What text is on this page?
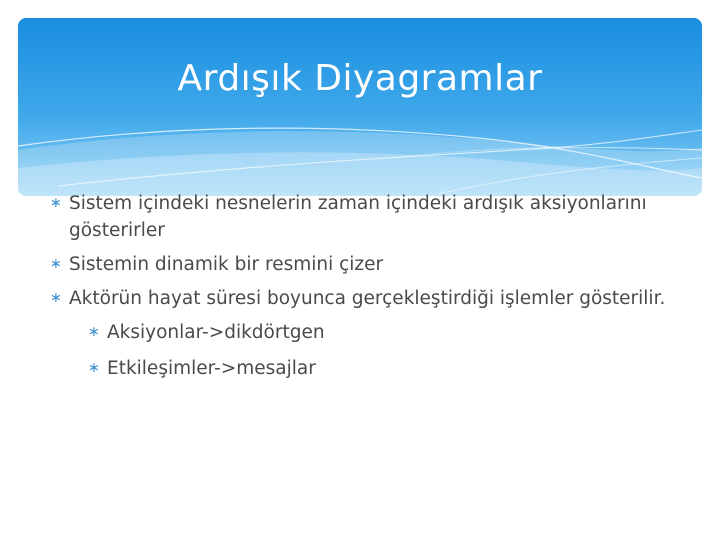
Ardışık Diyagramlar
∗ Sistem içindeki nesnelerin zaman içindeki ardışık aksiyonlarını gösterirler
∗ Sistemin dinamik bir resmini çizer
∗ Aktörün hayat süresi boyunca gerçekleştirdiği işlemler gösterilir.
∗ Aksiyonlar->dikdörtgen
∗ Etkileşimler->mesajlar
